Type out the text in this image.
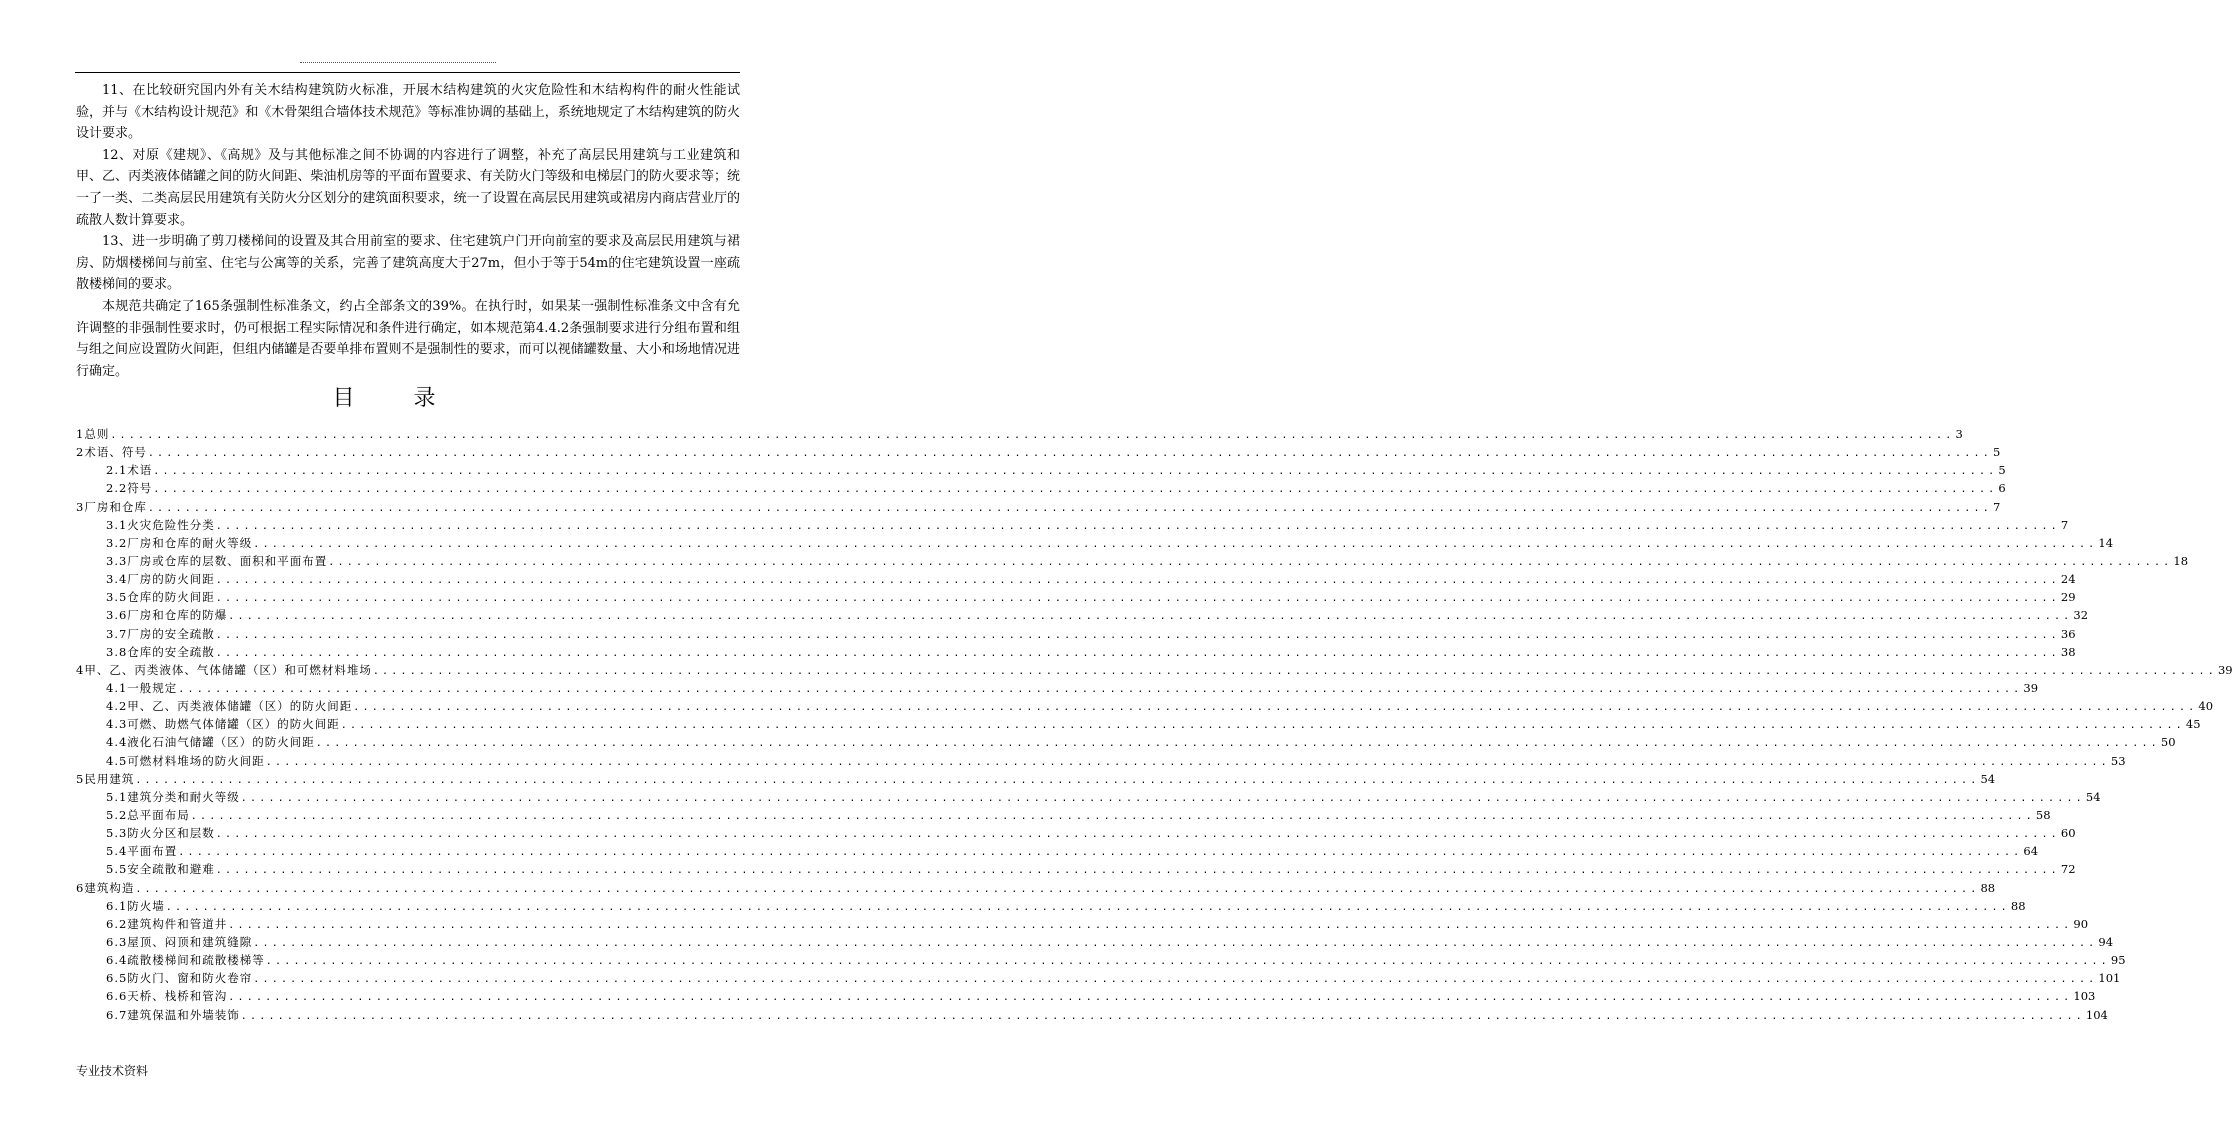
11、在比较研究国内外有关木结构建筑防火标准，开展木结构建筑的火灾危险性和木结构构件的耐火性能试验，并与《木结构设计规范》和《木骨架组合墙体技术规范》等标准协调的基础上，系统地规定了木结构建筑的防火设计要求。

12、对原《建规》、《高规》及与其他标准之间不协调的内容进行了调整，补充了高层民用建筑与工业建筑和甲、乙、丙类液体储罐之间的防火间距、柴油机房等的平面布置要求、有关防火门等级和电梯层门的防火要求等；统一了一类、二类高层民用建筑有关防火分区划分的建筑面积要求，统一了设置在高层民用建筑或裙房内商店营业厅的疏散人数计算要求。

13、进一步明确了剪刀楼梯间的设置及其合用前室的要求、住宅建筑户门开向前室的要求及高层民用建筑与裙房、防烟楼梯间与前室、住宅与公寓等的关系，完善了建筑高度大于27m，但小于等于54m的住宅建筑设置一座疏散楼梯间的要求。

本规范共确定了165条强制性标准条文，约占全部条文的39%。在执行时，如果某一强制性标准条文中含有允许调整的非强制性要求时，仍可根据工程实际情况和条件进行确定，如本规范第4.4.2条强制要求进行分组布置和组与组之间应设置防火间距，但组内储罐是否要单排布置则不是强制性的要求，而可以视储罐数量、大小和场地情况进行确定。

目 录
1总则 ........................................................................................................................................................................................................ 3
2术语、符号 ........................................................................................................................................................................................................ 5
2.1术语 ........................................................................................................................................................................................................ 5
2.2符号 ........................................................................................................................................................................................................ 6
3厂房和仓库 ........................................................................................................................................................................................................ 7
3.1火灾危险性分类 ........................................................................................................................................................................................................ 7
3.2厂房和仓库的耐火等级 ........................................................................................................................................................................................................ 14
3.3厂房或仓库的层数、面积和平面布置 ........................................................................................................................................................................................................ 18
3.4厂房的防火间距 ........................................................................................................................................................................................................ 24
3.5仓库的防火间距 ........................................................................................................................................................................................................ 29
3.6厂房和仓库的防爆 ........................................................................................................................................................................................................ 32
3.7厂房的安全疏散 ........................................................................................................................................................................................................ 36
3.8仓库的安全疏散 ........................................................................................................................................................................................................ 38
4甲、乙、丙类液体、气体储罐（区）和可燃材料堆场 ........................................................................................................................................................................................................ 39
4.1一般规定 ........................................................................................................................................................................................................ 39
4.2甲、乙、丙类液体储罐（区）的防火间距 ........................................................................................................................................................................................................ 40
4.3可燃、助燃气体储罐（区）的防火间距 ........................................................................................................................................................................................................ 45
4.4液化石油气储罐（区）的防火间距 ........................................................................................................................................................................................................ 50
4.5可燃材料堆场的防火间距 ........................................................................................................................................................................................................ 53
5民用建筑 ........................................................................................................................................................................................................ 54
5.1建筑分类和耐火等级 ........................................................................................................................................................................................................ 54
5.2总平面布局 ........................................................................................................................................................................................................ 58
5.3防火分区和层数 ........................................................................................................................................................................................................ 60
5.4平面布置 ........................................................................................................................................................................................................ 64
5.5安全疏散和避难 ........................................................................................................................................................................................................ 72
6建筑构造 ........................................................................................................................................................................................................ 88
6.1防火墙 ........................................................................................................................................................................................................ 88
6.2建筑构件和管道井 ........................................................................................................................................................................................................ 90
6.3屋顶、闷顶和建筑缝隙 ........................................................................................................................................................................................................ 94
6.4疏散楼梯间和疏散楼梯等 ........................................................................................................................................................................................................ 95
6.5防火门、窗和防火卷帘 ........................................................................................................................................................................................................ 101
6.6天桥、栈桥和管沟 ........................................................................................................................................................................................................ 103
6.7建筑保温和外墙装饰 ........................................................................................................................................................................................................ 104
专业技术资料
